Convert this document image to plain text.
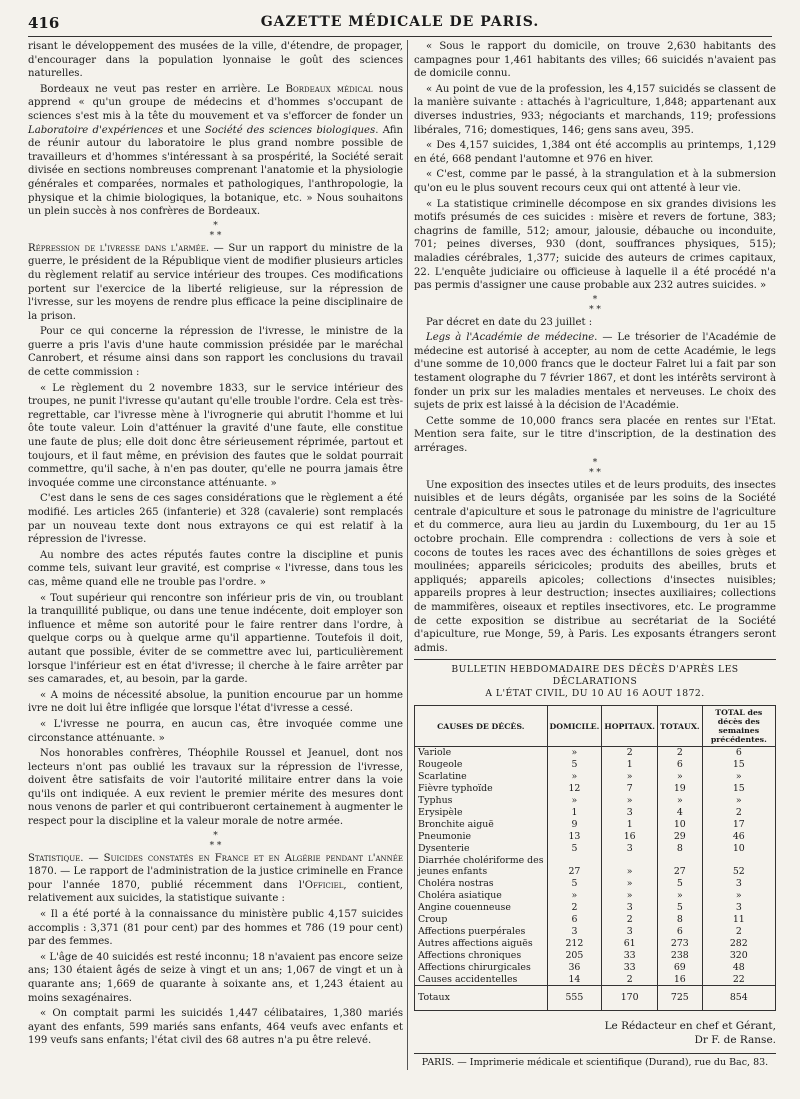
416	GAZETTE MÉDICALE DE PARIS.

risant le développement des musées de la ville, d'étendre, de propager, d'encourager dans la population lyonnaise le goût des sciences naturelles.

Bordeaux ne veut pas rester en arrière. Le Bordeaux médical nous apprend « qu'un groupe de médecins et d'hommes s'occupant de sciences s'est mis à la tête du mouvement et va s'efforcer de fonder un Laboratoire d'expériences et une Société des sciences biologiques. Afin de réunir autour du laboratoire le plus grand nombre possible de travailleurs et d'hommes s'intéressant à sa prospérité, la Société serait divisée en sections nombreuses comprenant l'anatomie et la physiologie générales et comparées, normales et pathologiques, l'anthropologie, la physique et la chimie biologiques, la botanique, etc. » Nous souhaitons un plein succès à nos confrères de Bordeaux.

*
* *

Répression de l'ivresse dans l'armée. — Sur un rapport du ministre de la guerre, le président de la République vient de modifier plusieurs articles du règlement relatif au service intérieur des troupes. Ces modifications portent sur l'exercice de la liberté religieuse, sur la répression de l'ivresse, sur les moyens de rendre plus efficace la peine disciplinaire de la prison.

Pour ce qui concerne la répression de l'ivresse, le ministre de la guerre a pris l'avis d'une haute commission présidée par le maréchal Canrobert, et résume ainsi dans son rapport les conclusions du travail de cette commission :

« Le règlement du 2 novembre 1833, sur le service intérieur des troupes, ne punit l'ivresse qu'autant qu'elle trouble l'ordre. Cela est très-regrettable, car l'ivresse mène à l'ivrognerie qui abrutit l'homme et lui ôte toute valeur. Loin d'atténuer la gravité d'une faute, elle constitue une faute de plus; elle doit donc être sérieusement réprimée, partout et toujours, et il faut même, en prévision des fautes que le soldat pourrait commettre, qu'il sache, à n'en pas douter, qu'elle ne pourra jamais être invoquée comme une circonstance atténuante. »

C'est dans le sens de ces sages considérations que le règlement a été modifié. Les articles 265 (infanterie) et 328 (cavalerie) sont remplacés par un nouveau texte dont nous extrayons ce qui est relatif à la répression de l'ivresse.

Au nombre des actes réputés fautes contre la discipline et punis comme tels, suivant leur gravité, est comprise « l'ivresse, dans tous les cas, même quand elle ne trouble pas l'ordre. »

« Tout supérieur qui rencontre son inférieur pris de vin, ou troublant la tranquillité publique, ou dans une tenue indécente, doit employer son influence et même son autorité pour le faire rentrer dans l'ordre, à quelque corps ou à quelque arme qu'il appartienne. Toutefois il doit, autant que possible, éviter de se commettre avec lui, particulièrement lorsque l'inférieur est en état d'ivresse; il cherche à le faire arrêter par ses camarades, et, au besoin, par la garde.

« A moins de nécessité absolue, la punition encourue par un homme ivre ne doit lui être infligée que lorsque l'état d'ivresse a cessé.

« L'ivresse ne pourra, en aucun cas, être invoquée comme une circonstance atténuante. »

Nos honorables confrères, Théophile Roussel et Jeanuel, dont nos lecteurs n'ont pas oublié les travaux sur la répression de l'ivresse, doivent être satisfaits de voir l'autorité militaire entrer dans la voie qu'ils ont indiquée. A eux revient le premier mérite des mesures dont nous venons de parler et qui contribueront certainement à augmenter le respect pour la discipline et la valeur morale de notre armée.

*
* *

Statistique. — Suicides constatés en France et en Algérie pendant l'année 1870. — Le rapport de l'administration de la justice criminelle en France pour l'année 1870, publié récemment dans l'Officiel, contient, relativement aux suicides, la statistique suivante :

« Il a été porté à la connaissance du ministère public 4,157 suicides accomplis : 3,371 (81 pour cent) par des hommes et 786 (19 pour cent) par des femmes.

« L'âge de 40 suicidés est resté inconnu; 18 n'avaient pas encore seize ans; 130 étaient âgés de seize à vingt et un ans; 1,067 de vingt et un à quarante ans; 1,669 de quarante à soixante ans, et 1,243 étaient au moins sexagénaires.

« On comptait parmi les suicidés 1,447 célibataires, 1,380 mariés ayant des enfants, 599 mariés sans enfants, 464 veufs avec enfants et 199 veufs sans enfants; l'état civil des 68 autres n'a pu être relevé.

« Sous le rapport du domicile, on trouve 2,630 habitants des campagnes pour 1,461 habitants des villes; 66 suicidés n'avaient pas de domicile connu.

« Au point de vue de la profession, les 4,157 suicidés se classent de la manière suivante : attachés à l'agriculture, 1,848; appartenant aux diverses industries, 933; négociants et marchands, 119; professions libérales, 716; domestiques, 146; gens sans aveu, 395.

« Des 4,157 suicides, 1,384 ont été accomplis au printemps, 1,129 en été, 668 pendant l'automne et 976 en hiver.

« C'est, comme par le passé, à la strangulation et à la submersion qu'on eu le plus souvent recours ceux qui ont attenté à leur vie.

« La statistique criminelle décompose en six grandes divisions les motifs présumés de ces suicides : misère et revers de fortune, 383; chagrins de famille, 512; amour, jalousie, débauche ou inconduite, 701; peines diverses, 930 (dont, souffrances physiques, 515); maladies cérébrales, 1,377; suicide des auteurs de crimes capitaux, 22. L'enquête judiciaire ou officieuse à laquelle il a été procédé n'a pas permis d'assigner une cause probable aux 232 autres suicides. »

*
* *

Par décret en date du 23 juillet :

Legs à l'Académie de médecine. — Le trésorier de l'Académie de médecine est autorisé à accepter, au nom de cette Académie, le legs d'une somme de 10,000 francs que le docteur Falret lui a fait par son testament olographe du 7 février 1867, et dont les intérêts serviront à fonder un prix sur les maladies mentales et nerveuses. Le choix des sujets de prix est laissé à la décision de l'Académie.

Cette somme de 10,000 francs sera placée en rentes sur l'Etat. Mention sera faite, sur le titre d'inscription, de la destination des arrérages.

*
* *

Une exposition des insectes utiles et de leurs produits, des insectes nuisibles et de leurs dégâts, organisée par les soins de la Société centrale d'apiculture et sous le patronage du ministre de l'agriculture et du commerce, aura lieu au jardin du Luxembourg, du 1er au 15 octobre prochain. Elle comprendra : collections de vers à soie et cocons de toutes les races avec des échantillons de soies grèges et moulinées; appareils séricicoles; produits des abeilles, bruts et appliqués; appareils apicoles; collections d'insectes nuisibles; appareils propres à leur destruction; insectes auxiliaires; collections de mammifères, oiseaux et reptiles insectivores, etc. Le programme de cette exposition se distribue au secrétariat de la Société d'apiculture, rue Monge, 59, à Paris. Les exposants étrangers seront admis.

BULLETIN HEBDOMADAIRE DES DÉCÈS D'APRÈS LES DÉCLARATIONS
A L'ÉTAT CIVIL, DU 10 AU 16 AOUT 1872.
CAUSES DE DÉCÈS.	DOMICILE.	HOPITAUX.	TOTAUX.	TOTAL des décès des semaines précédentes.
Variole	»	2	2	6
Rougeole	5	1	6	15
Scarlatine	»	»	»	»
Fièvre typhoïde	12	7	19	15
Typhus	»	»	»	»
Erysipèle	1	3	4	2
Bronchite aiguë	9	1	10	17
Pneumonie	13	16	29	46
Dysenterie	5	3	8	10
Diarrhée cholériforme des				
jeunes enfants	27	»	27	52
Choléra nostras	5	»	5	3
Choléra asiatique	»	»	»	»
Angine couenneuse	2	3	5	3
Croup	6	2	8	11
Affections puerpérales	3	3	6	2
Autres affections aiguës	212	61	273	282
Affections chroniques	205	33	238	320
Affections chirurgicales	36	33	69	48
Causes accidentelles	14	2	16	22
Totaux	555	170	725	854
Le Rédacteur en chef et Gérant,
Dr F. de Ranse.
PARIS. — Imprimerie médicale et scientifique (Durand), rue du Bac, 83.
